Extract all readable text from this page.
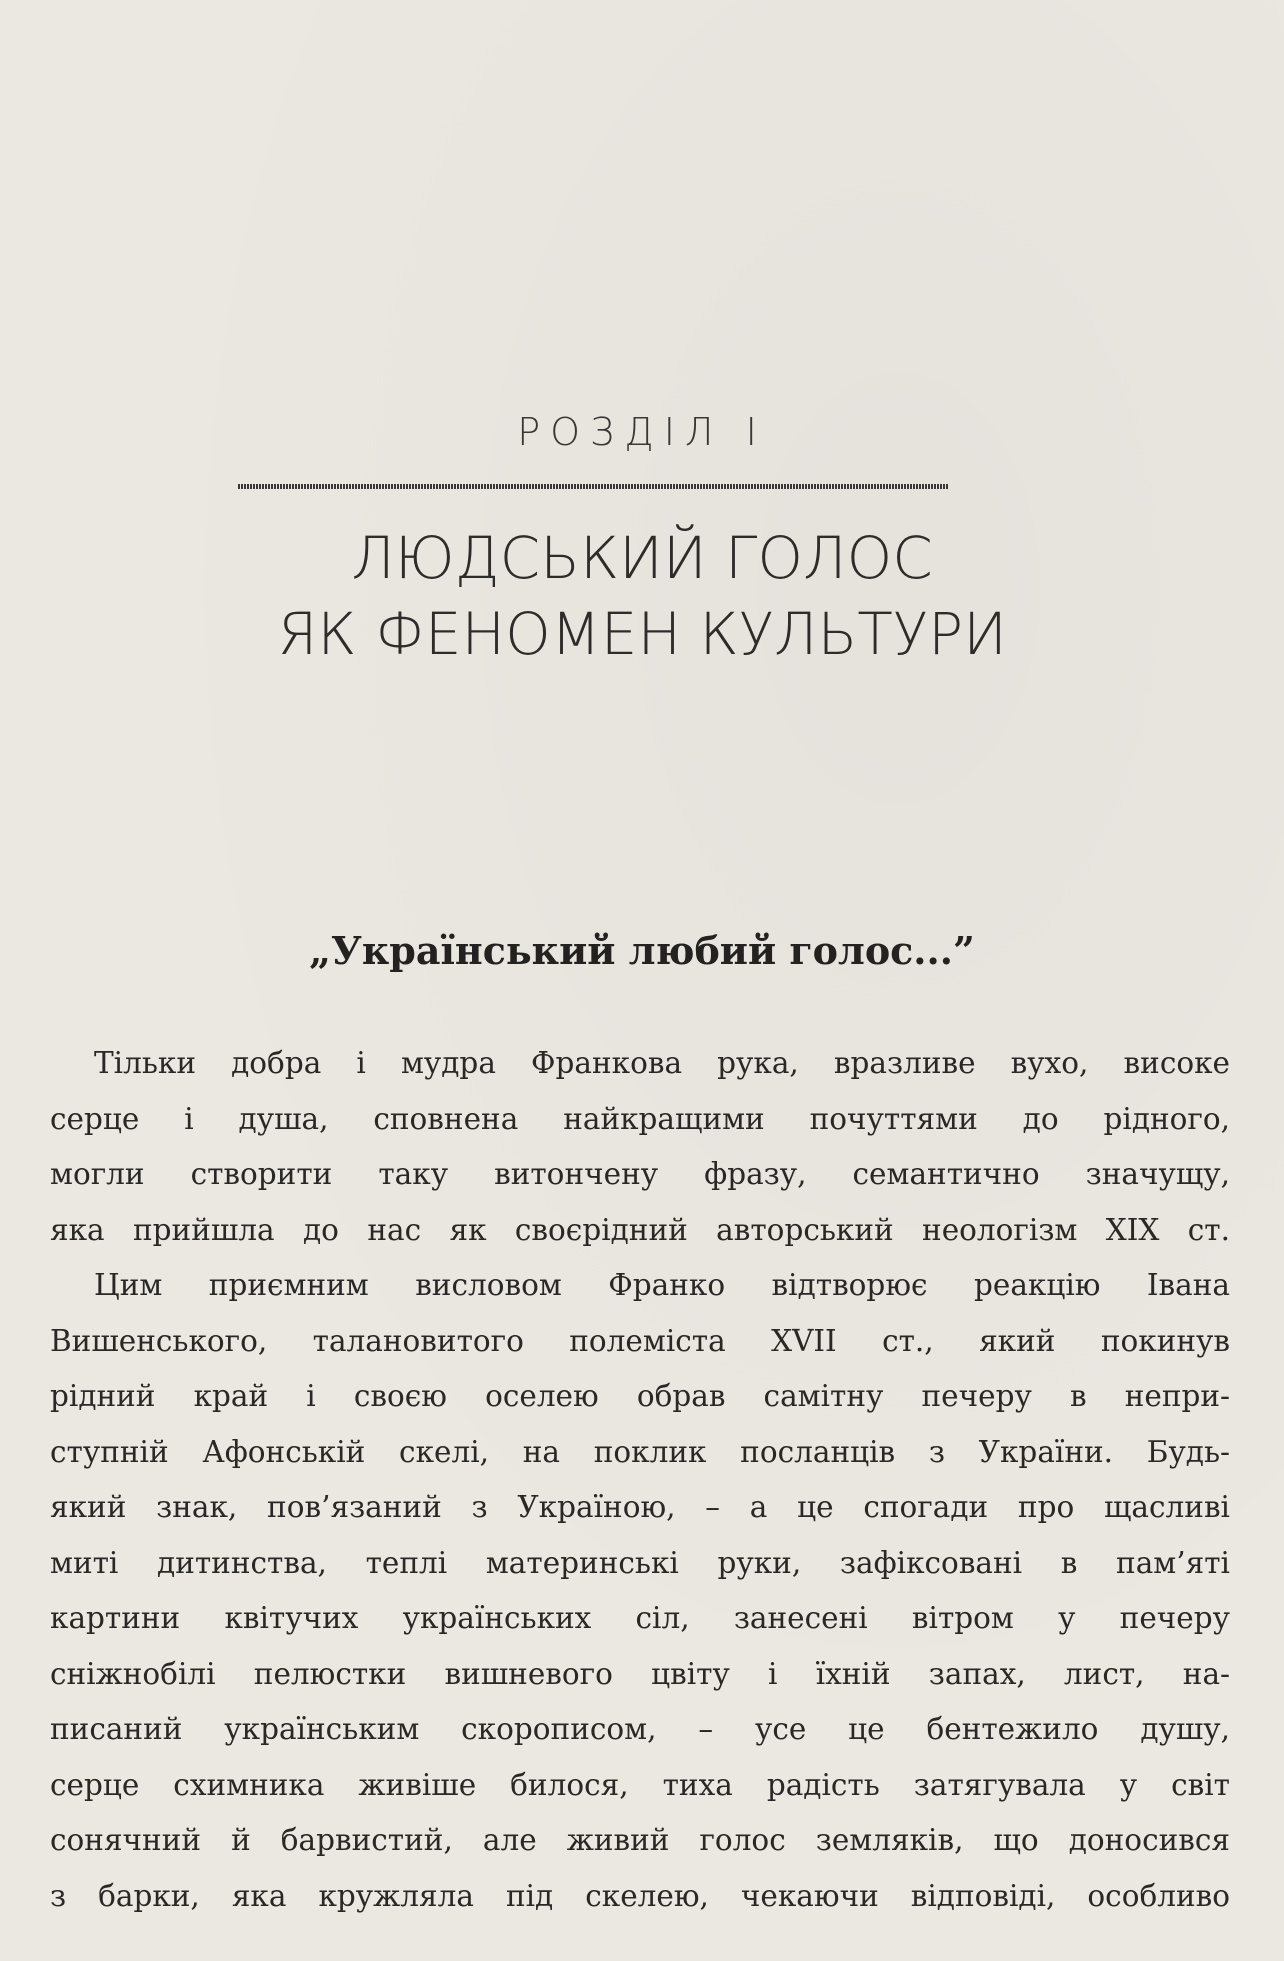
РОЗДІЛ І
ЛЮДСЬКИЙ ГОЛОС
ЯК ФЕНОМЕН КУЛЬТУРИ
„Український любий голос...”
Тільки добра і мудра Франкова рука, вразливе вухо, високе
серце і душа, сповнена найкращими почуттями до рідного,
могли створити таку витончену фразу, семантично значущу,
яка прийшла до нас як своєрідний авторський неологізм XIX ст.
Цим приємним висловом Франко відтворює реакцію Івана
Вишенського, талановитого полеміста XVII ст., який покинув
рідний край і своєю оселею обрав самітну печеру в непри-
ступній Афонській скелі, на поклик посланців з України. Будь-
який знак, пов’язаний з Україною, – а це спогади про щасливі
миті дитинства, теплі материнські руки, зафіксовані в пам’яті
картини квітучих українських сіл, занесені вітром у печеру
сніжнобілі пелюстки вишневого цвіту і їхній запах, лист, на-
писаний українським скорописом, – усе це бентежило душу,
серце схимника живіше билося, тиха радість затягувала у світ
сонячний й барвистий, але живий голос земляків, що доносився
з барки, яка кружляла під скелею, чекаючи відповіді, особливо
